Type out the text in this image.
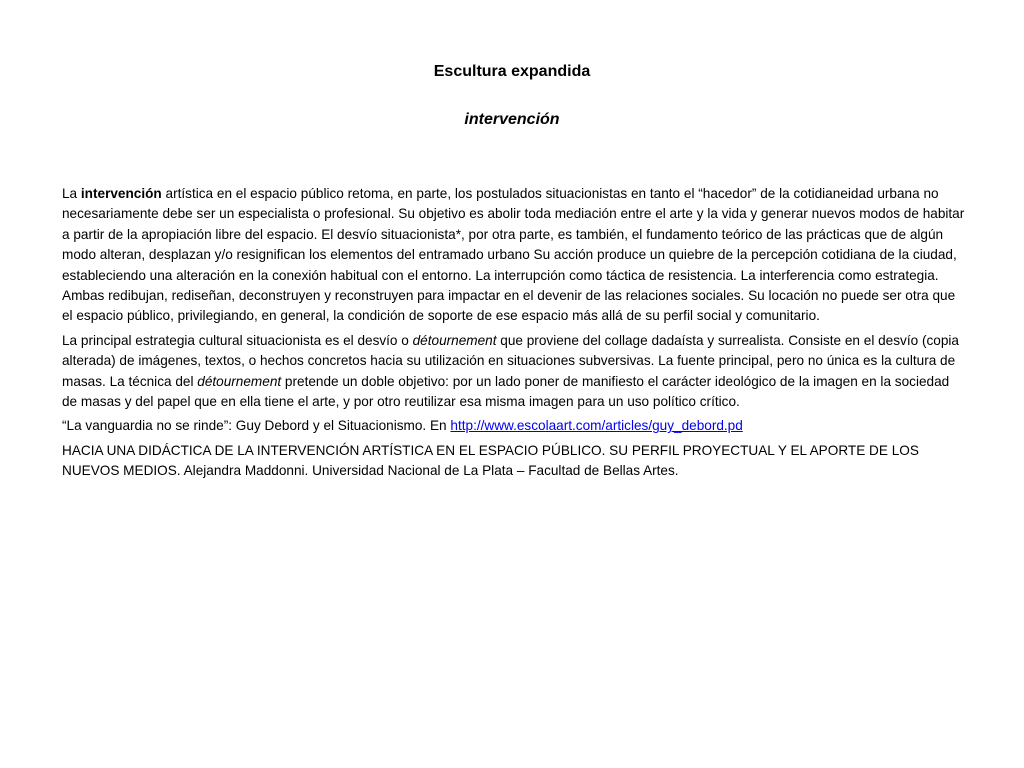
Escultura expandida
intervención

La intervención artística en el espacio público retoma, en parte, los postulados situacionistas en tanto el “hacedor” de la cotidianeidad urbana no necesariamente debe ser un especialista o profesional. Su objetivo es abolir toda mediación entre el arte y la vida y generar nuevos modos de habitar a partir de la apropiación libre del espacio. El desvío situacionista*, por otra parte, es también, el fundamento teórico de las prácticas que de algún modo alteran, desplazan y/o resignifican los elementos del entramado urbano Su acción produce un quiebre de la percepción cotidiana de la ciudad, estableciendo una alteración en la conexión habitual con el entorno. La interrupción como táctica de resistencia. La interferencia como estrategia. Ambas redibujan, rediseñan, deconstruyen y reconstruyen para impactar en el devenir de las relaciones sociales. Su locación no puede ser otra que el espacio público, privilegiando, en general, la condición de soporte de ese espacio más allá de su perfil social y comunitario.

La principal estrategia cultural situacionista es el desvío o détournement que proviene del collage dadaísta y surrealista. Consiste en el desvío (copia alterada) de imágenes, textos, o hechos concretos hacia su utilización en situaciones subversivas. La fuente principal, pero no única es la cultura de masas. La técnica del détournement pretende un doble objetivo: por un lado poner de manifiesto el carácter ideológico de la imagen en la sociedad de masas y del papel que en ella tiene el arte, y por otro reutilizar esa misma imagen para un uso político crítico.

“La vanguardia no se rinde”: Guy Debord y el Situacionismo. En http://www.escolaart.com/articles/guy_debord.pd

HACIA UNA DIDÁCTICA DE LA INTERVENCIÓN ARTÍSTICA EN EL ESPACIO PÚBLICO. SU PERFIL PROYECTUAL Y EL APORTE DE LOS NUEVOS MEDIOS. Alejandra Maddonni. Universidad Nacional de La Plata – Facultad de Bellas Artes.
